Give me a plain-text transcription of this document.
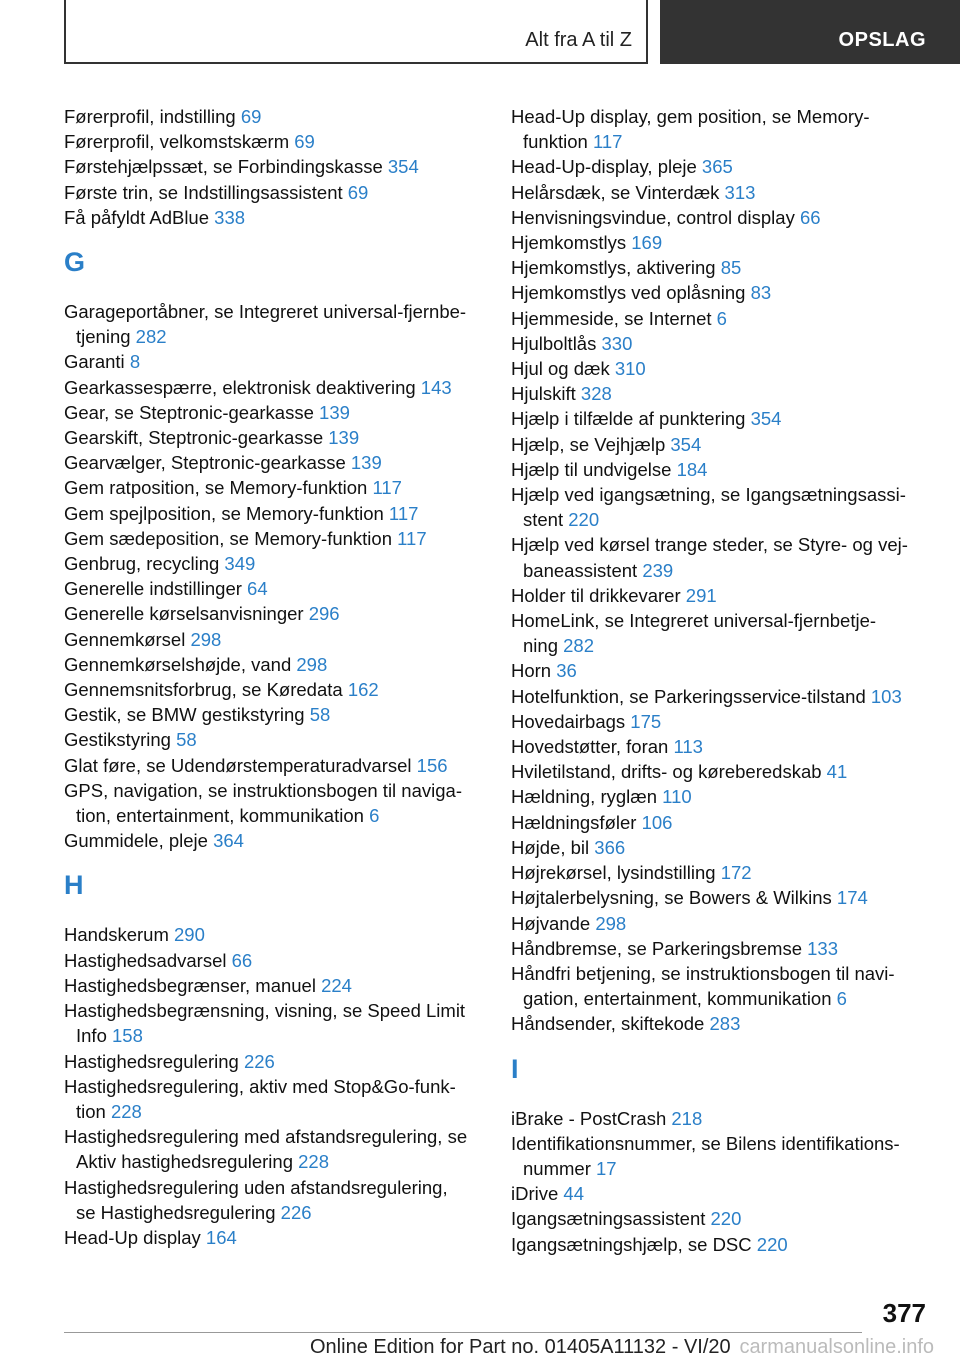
Alt fra A til Z	OPSLAG
Førerprofil, indstilling 69
Førerprofil, velkomstskærm 69
Førstehjælpssæt, se Forbindingskasse 354
Første trin, se Indstillingsassistent 69
Få påfyldt AdBlue 338
G
Garageportåbner, se Integreret universal-fjernbe-
tjening 282
Garanti 8
Gearkassespærre, elektronisk deaktivering 143
Gear, se Steptronic-gearkasse 139
Gearskift, Steptronic-gearkasse 139
Gearvælger, Steptronic-gearkasse 139
Gem ratposition, se Memory-funktion 117
Gem spejlposition, se Memory-funktion 117
Gem sædeposition, se Memory-funktion 117
Genbrug, recycling 349
Generelle indstillinger 64
Generelle kørselsanvisninger 296
Gennemkørsel 298
Gennemkørselshøjde, vand 298
Gennemsnitsforbrug, se Køredata 162
Gestik, se BMW gestikstyring 58
Gestikstyring 58
Glat føre, se Udendørstemperaturadvarsel 156
GPS, navigation, se instruktionsbogen til naviga-
tion, entertainment, kommunikation 6
Gummidele, pleje 364
H
Handskerum 290
Hastighedsadvarsel 66
Hastighedsbegrænser, manuel 224
Hastighedsbegrænsning, visning, se Speed Limit
Info 158
Hastighedsregulering 226
Hastighedsregulering, aktiv med Stop&Go-funk-
tion 228
Hastighedsregulering med afstandsregulering, se
Aktiv hastighedsregulering 228
Hastighedsregulering uden afstandsregulering,
se Hastighedsregulering 226
Head-Up display 164
Head-Up display, gem position, se Memory-
funktion 117
Head-Up-display, pleje 365
Helårsdæk, se Vinterdæk 313
Henvisningsvindue, control display 66
Hjemkomstlys 169
Hjemkomstlys, aktivering 85
Hjemkomstlys ved oplåsning 83
Hjemmeside, se Internet 6
Hjulboltlås 330
Hjul og dæk 310
Hjulskift 328
Hjælp i tilfælde af punktering 354
Hjælp, se Vejhjælp 354
Hjælp til undvigelse 184
Hjælp ved igangsætning, se Igangsætningsassi-
stent 220
Hjælp ved kørsel trange steder, se Styre- og vej-
baneassistent 239
Holder til drikkevarer 291
HomeLink, se Integreret universal-fjernbetje-
ning 282
Horn 36
Hotelfunktion, se Parkeringsservice-tilstand 103
Hovedairbags 175
Hovedstøtter, foran 113
Hviletilstand, drifts- og køreberedskab 41
Hældning, ryglæn 110
Hældningsføler 106
Højde, bil 366
Højrekørsel, lysindstilling 172
Højtalerbelysning, se Bowers & Wilkins 174
Højvande 298
Håndbremse, se Parkeringsbremse 133
Håndfri betjening, se instruktionsbogen til navi-
gation, entertainment, kommunikation 6
Håndsender, skiftekode 283
I
iBrake - PostCrash 218
Identifikationsnummer, se Bilens identifikations-
nummer 17
iDrive 44
Igangsætningsassistent 220
Igangsætningshjælp, se DSC 220
377
Online Edition for Part no. 01405A11132 - VI/20 carmanualsonline.info
